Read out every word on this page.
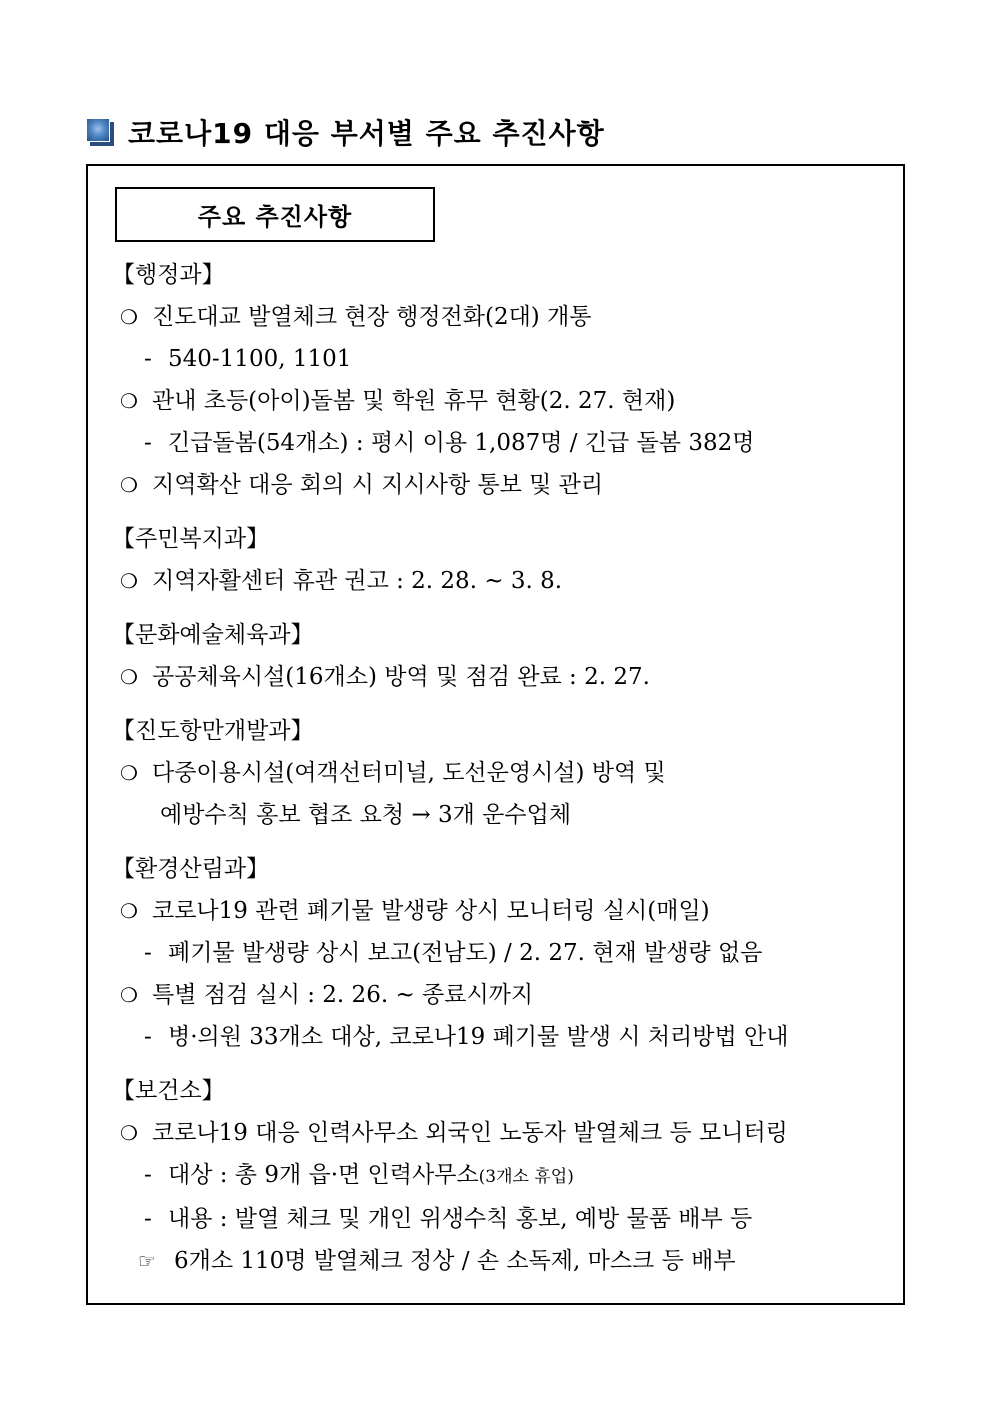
코로나19 대응 부서별 주요 추진사항
주요 추진사항
【행정과】
❍ 진도대교 발열체크 현장 행정전화(2대) 개통
- 540-1100, 1101
❍ 관내 초등(아이)돌봄 및 학원 휴무 현황(2. 27. 현재)
- 긴급돌봄(54개소) : 평시 이용 1,087명 / 긴급 돌봄 382명
❍ 지역확산 대응 회의 시 지시사항 통보 및 관리
【주민복지과】
❍ 지역자활센터 휴관 권고 : 2. 28. ~ 3. 8.
【문화예술체육과】
❍ 공공체육시설(16개소) 방역 및 점검 완료 : 2. 27.
【진도항만개발과】
❍ 다중이용시설(여객선터미널, 도선운영시설) 방역 및
예방수칙 홍보 협조 요청 → 3개 운수업체
【환경산림과】
❍ 코로나19 관련 폐기물 발생량 상시 모니터링 실시(매일)
- 폐기물 발생량 상시 보고(전남도) / 2. 27. 현재 발생량 없음
❍ 특별 점검 실시 : 2. 26. ~ 종료시까지
- 병·의원 33개소 대상, 코로나19 폐기물 발생 시 처리방법 안내
【보건소】
❍ 코로나19 대응 인력사무소 외국인 노동자 발열체크 등 모니터링
- 대상 : 총 9개 읍·면 인력사무소(3개소 휴업)
- 내용 : 발열 체크 및 개인 위생수칙 홍보, 예방 물품 배부 등
☞ 6개소 110명 발열체크 정상 / 손 소독제, 마스크 등 배부
